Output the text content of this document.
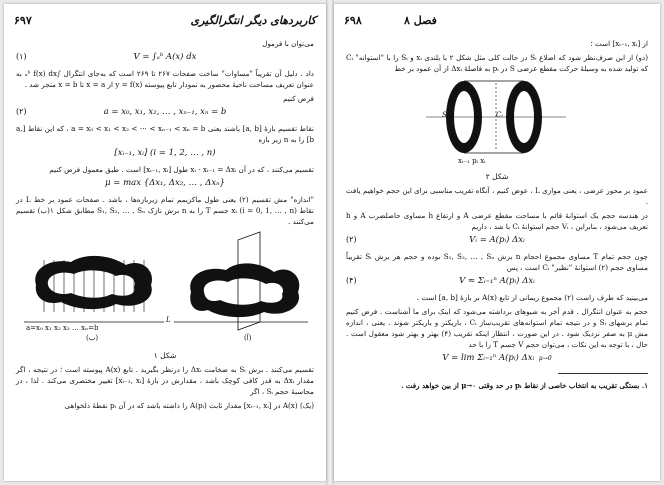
۶۹۷	کاربردهای دیگر انتگرالگیری

می‌توان با فرمول

V = ∫ₐᵇ A(x) dx
(۱)

داد . دلیل آن تقریباً "مساوات" ساخت صفحات ۲۶۷ تا ۲۶۹ است که به‌جای انتگرال ∫ₐᵇ f(x) dx به عنوان تعریف مساحت ناحیهٔ محصور به نمودار تابع پیوسته y = f(x) از x = a تا x = b منجر شد .

فرض کنیم

a = x₀, x₁, x₂, … , xₙ₋₁, xₙ = b
(۲)

نقاط تقسیم بازهٔ [a, b] باشند یعنی a = x₀ < x₁ < x₂ < ⋯ < xₙ₋₁ < xₙ = b ، که این نقاط [a, b] را به n زیر بازه

[xᵢ₋₁, xᵢ] (i = 1, 2, … , n)

تقسیم می‌کنند ، که در آن xᵢ - xᵢ₋₁ = Δxᵢ طول [xᵢ₋₁, xᵢ] است . طبق معمول فرض کنیم

μ = max {Δx₁, Δx₂, … , Δxₙ}

"اندازه" مش تقسیم (۲) یعنی طول ماکزیمم تمام زیربازه‌ها ، باشد . صفحات عمود بر خط L در نقاط xᵢ (i = 0, 1, … , n) جسم T را به n برش نازک S₁, S₂, … , Sₙ مطابق شکل ۱(ب) تقسیم می‌کنند .

a=x₀ x₁ x₂ x₃ … xₙ=b
L
(ب)	(آ)

شکل ۱

تقسیم می‌کنند . برش Sᵢ به ضخامت Δxᵢ را درنظر بگیرید . تابع A(x) پیوسته است ؛ در نتیجه ، اگر مقدار Δxᵢ به قدر کافی کوچک باشد ، مقدارش در بازهٔ [xᵢ₋₁, xᵢ] تغییر مختصری می‌کند . لذا ، در محاسبهٔ حجم Sᵢ ، اگر

(یک) A(x) در [xᵢ₋₁, xᵢ] مقدار ثابت A(pᵢ) را داشته باشد که در آن pᵢ نقطهٔ دلخواهی

فصل ۸
۶۹۸

از [xᵢ₋₁, xᵢ] است ؛

(دو) از این صرف‌نظر شود که اضلاع Sᵢ در حالت کلی مثل شکل ۲ با بلندی xᵢ و Sᵢ را با "استوانه" Cᵢ که تولید شده به وسیلهٔ حرکت مقطع عرضی S در pᵢ به فاصلهٔ Δxᵢ از آن عمود بر خط

Sᵢ	Cᵢ
xᵢ₋₁ pᵢ xᵢ

شکل ۲

عمود بر محور عرضی ، یعنی موازی L ، عوض کنیم ، آنگاه تقریب مناسبی برای این حجم خواهیم یافت .

در هندسه حجم یک استوانهٔ قائم با مساحت مقطع عرضی A و ارتفاع h مساوی حاصلضرب A و h تعریف می‌شود ، بنابراین ، Vᵢ حجم استوانهٔ Cᵢ با شد ، داریم

Vᵢ = A(pᵢ) Δxᵢ
(۲)

چون حجم تمام T مساوی مجموع احجام n برش S₁, S₂, … , Sₙ بوده و حجم هر برش Sᵢ تقریباً مساوی حجم (۲) استوانهٔ "نظیر" Cᵢ است ، پس

V ≈ Σᵢ₌₁ⁿ A(pᵢ) Δxᵢ
(۴)

می‌بینید که طرف راست (۲) مجموع ریمانی از تابع A(x) بر بازهٔ [a, b] است .

حجم به عنوان انتگرال . قدم آخر به شیوهای برداشته می‌شود که اینک برای ما آشناست . فرض کنیم تمام برشهای Sᵢ و در نتیجه تمام استوانه‌های تقریب‌ساز Cᵢ ، باریکتر و باریکتر شوند . یعنی ، اندازه مش μ به صفر نزدیک شود . در این صورت ، انتظار اینکه تقریب (۴) بهتر و بهتر شود معقول است . حال ، با توجه به این نکات ، می‌توان حجم V جسم T را با حد

V = lim Σᵢ₌₁ⁿ A(pᵢ) Δxᵢ μ→0

۱. بستگی تقریب به انتخاب خاصی از نقاط pᵢ در حد وقتی μ→۰ از بین خواهد رفت .
